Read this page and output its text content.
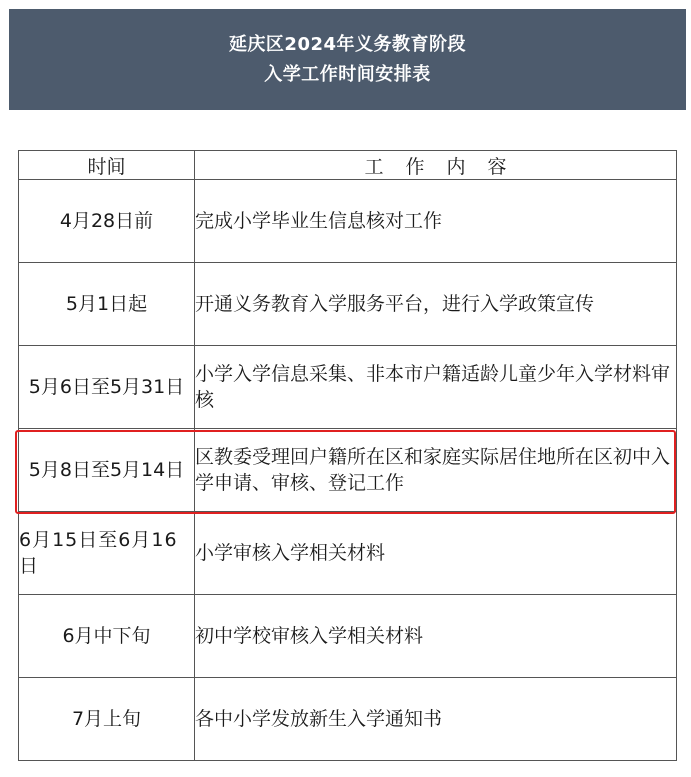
延庆区2024年义务教育阶段
入学工作时间安排表
时间	工作内容
4月28日前	完成小学毕业生信息核对工作
5月1日起	开通义务教育入学服务平台，进行入学政策宣传
5月6日至5月31日	小学入学信息采集、非本市户籍适龄儿童少年入学材料审核
5月8日至5月14日	区教委受理回户籍所在区和家庭实际居住地所在区初中入学申请、审核、登记工作
6月15日至6月16日	小学审核入学相关材料
6月中下旬	初中学校审核入学相关材料
7月上旬	各中小学发放新生入学通知书
